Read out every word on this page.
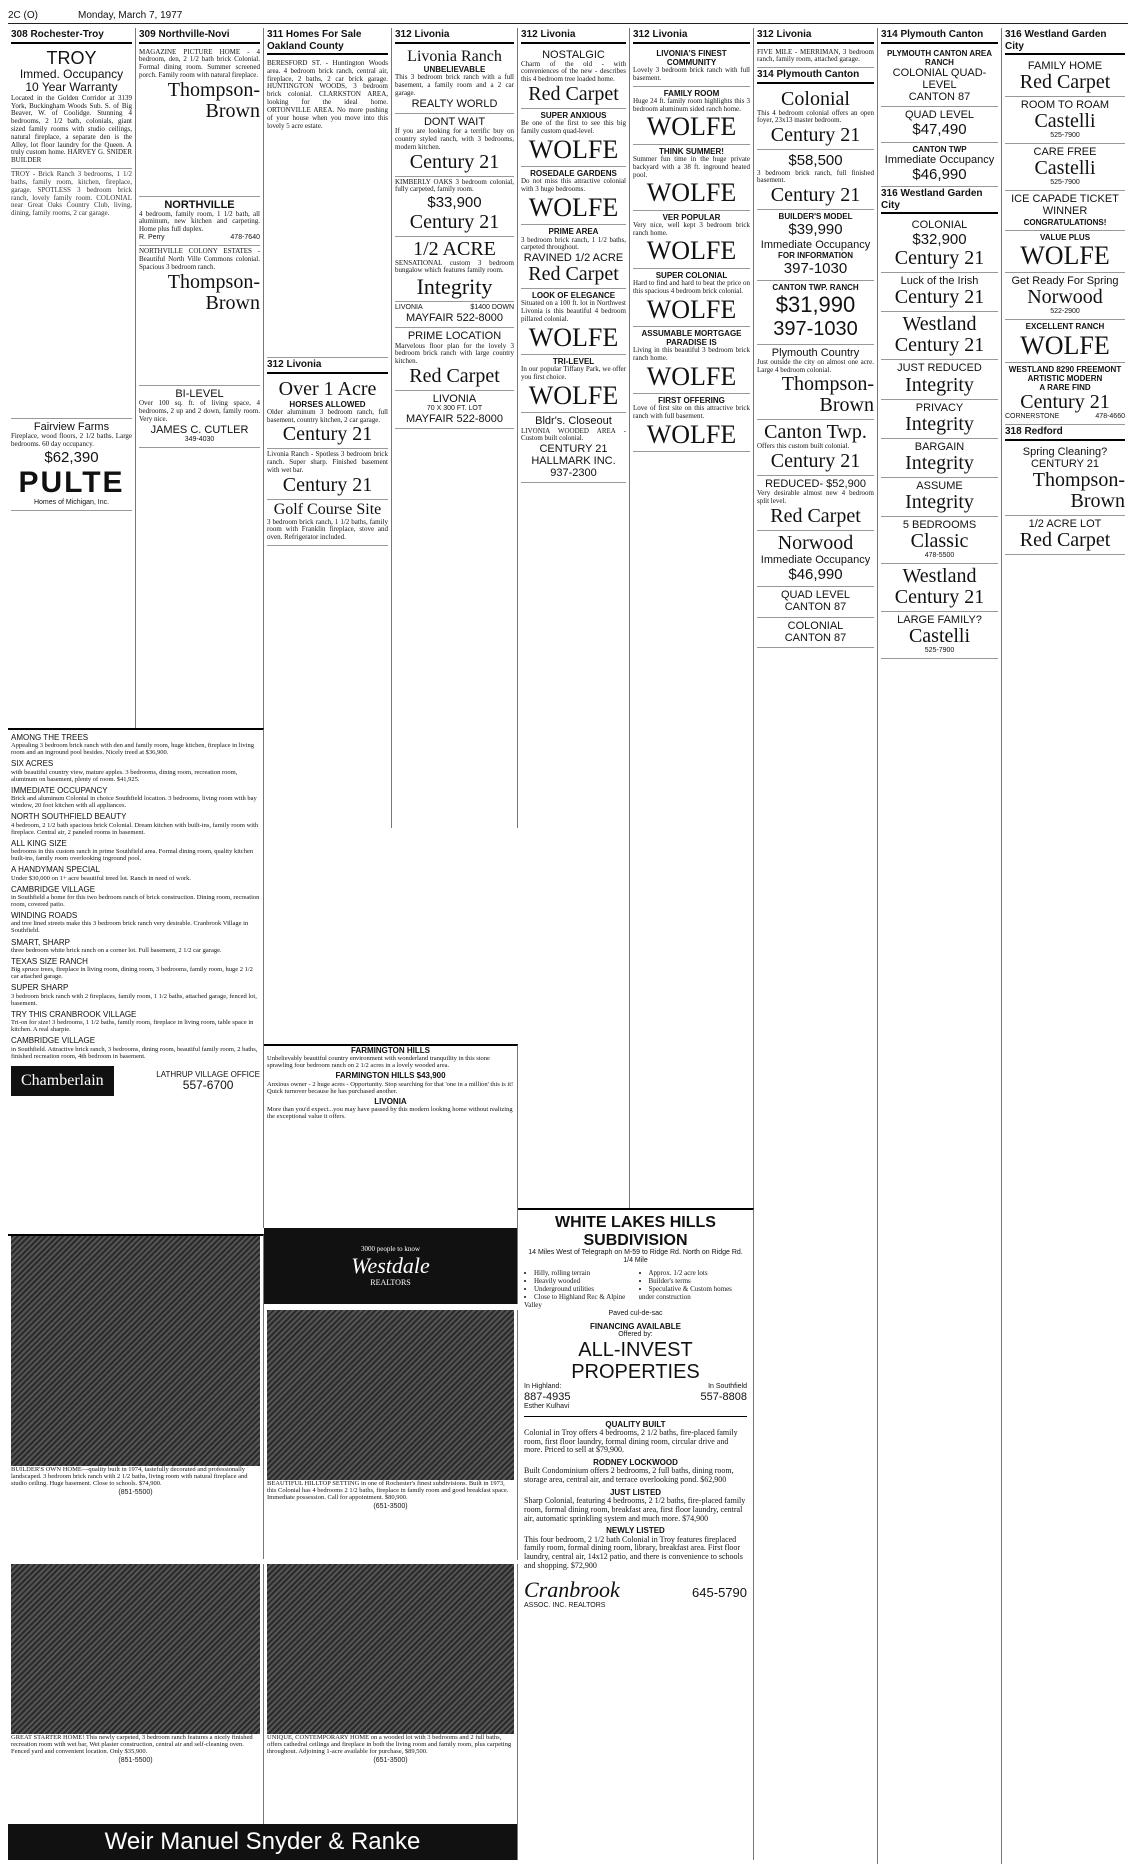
2C (O)	Monday, March 7, 1977
308 Rochester-Troy
TROY
Immed. Occupancy
10 Year Warranty

Located in the Golden Corridor at 3139 York, Buckingham Woods Sub. S. of Big Beaver, W. of Coolidge. Stunning 4 bedrooms, 2 1/2 bath, colonials, giant sized family rooms with studio ceilings, natural fireplace, a separate den is the Alley, lot floor laundry for the Queen. A truly custom home. HARVEY G. SNIDER BUILDER

TROY - Brick Ranch 3 bedrooms, 1 1/2 baths, family room, kitchen, fireplace, garage. SPOTLESS 3 bedroom brick ranch, lovely family room. COLONIAL near Great Oaks Country Club, living, dining, family rooms, 2 car garage.

Fairview Farms

Fireplace, wood floors, 2 1/2 baths. Large bedrooms. 60 day occupancy.

$62,390
PULTE
Homes of Michigan, Inc.
309 Northville-Novi

MAGAZINE PICTURE HOME - 4 bedroom, den, 2 1/2 bath brick Colonial. Formal dining room. Summer screened porch. Family room with natural fireplace.

Thompson-Brown
NORTHVILLE

4 bedroom, family room, 1 1/2 bath, all aluminum, new kitchen and carpeting. Home plus full duplex.

R. Perry	478-7640

NORTHVILLE COLONY ESTATES - Beautiful North Ville Commons colonial. Spacious 3 bedroom ranch.

Thompson-Brown
BI-LEVEL

Over 100 sq. ft. of living space, 4 bedrooms, 2 up and 2 down, family room. Very nice.

JAMES C. CUTLER
349-4030
311 Homes For Sale Oakland County

BERESFORD ST. - Huntington Woods area. 4 bedroom brick ranch, central air, fireplace, 2 baths, 2 car brick garage. HUNTINGTON WOODS, 3 bedroom brick colonial. CLARKSTON AREA, looking for the ideal home. ORTONVILLE AREA. No more pushing of your house when you move into this lovely 5 acre estate.

312 Livonia
Over 1 Acre
HORSES ALLOWED

Older aluminum 3 bedroom ranch, full basement, country kitchen, 2 car garage.

Century 21

Livonia Ranch - Spotless 3 bedroom brick ranch. Super sharp. Finished basement with wet bar.

Century 21
Golf Course Site

3 bedroom brick ranch, 1 1/2 baths, family room with Franklin fireplace, stove and oven. Refrigerator included.

312 Livonia
Livonia Ranch
UNBELIEVABLE

This 3 bedroom brick ranch with a full basement, a family room and a 2 car garage.

REALTY WORLD
DONT WAIT

If you are looking for a terrific buy on country styled ranch, with 3 bedrooms, modern kitchen.

Century 21

KIMBERLY OAKS 3 bedroom colonial, fully carpeted, family room.

$33,900
Century 21
1/2 ACRE

SENSATIONAL custom 3 bedroom bungalow which features family room.

Integrity
LIVONIA	$1400 DOWN
MAYFAIR 522-8000
PRIME LOCATION

Marvelous floor plan for the lovely 3 bedroom brick ranch with large country kitchen.

Red Carpet
LIVONIA
70 X 300 FT. LOT
MAYFAIR 522-8000
312 Livonia
NOSTALGIC

Charm of the old - with conveniences of the new - describes this 4 bedroom tree loaded home.

Red Carpet
SUPER ANXIOUS

Be one of the first to see this big family custom quad-level.

WOLFE
ROSEDALE GARDENS

Do not miss this attractive colonial with 3 huge bedrooms.

WOLFE
PRIME AREA

3 bedroom brick ranch, 1 1/2 baths, carpeted throughout.

RAVINED 1/2 ACRE
Red Carpet
LOOK OF ELEGANCE

Situated on a 100 ft. lot in Northwest Livonia is this beautiful 4 bedroom pillared colonial.

WOLFE
TRI-LEVEL

In our popular Tiffany Park, we offer you first choice.

WOLFE
Bldr's. Closeout

LIVONIA WOODED AREA - Custom built colonial.

CENTURY 21
HALLMARK INC.
937-2300
312 Livonia
LIVONIA'S FINEST COMMUNITY

Lovely 3 bedroom brick ranch with full basement.

FAMILY ROOM

Huge 24 ft. family room highlights this 3 bedroom aluminum sided ranch home.

WOLFE
THINK SUMMER!

Summer fun time in the huge private backyard with a 38 ft. inground heated pool.

WOLFE
VER POPULAR

Very nice, well kept 3 bedroom brick ranch home.

WOLFE
SUPER COLONIAL

Hard to find and hard to beat the price on this spacious 4 bedroom brick colonial.

WOLFE
ASSUMABLE MORTGAGE
PARADISE IS

Living in this beautiful 3 bedroom brick ranch home.

WOLFE
FIRST OFFERING

Love of first site on this attractive brick ranch with full basement.

WOLFE
312 Livonia

FIVE MILE - MERRIMAN, 3 bedroom ranch, family room, attached garage.

314 Plymouth Canton
Colonial

This 4 bedroom colonial offers an open foyer, 23x13 master bedroom.

Century 21
$58,500

3 bedroom brick ranch, full finished basement.

Century 21
BUILDER'S MODEL
$39,990
Immediate Occupancy
FOR INFORMATION
397-1030
CANTON TWP. RANCH
$31,990
397-1030
Plymouth Country

Just outside the city on almost one acre. Large 4 bedroom colonial.

Thompson-Brown
Canton Twp.

Offers this custom built colonial.

Century 21
REDUCED- $52,900

Very desirable almost new 4 bedroom split level.

Red Carpet
Norwood
Immediate Occupancy
$46,990
QUAD LEVEL
CANTON 87
COLONIAL
CANTON 87
314 Plymouth Canton
PLYMOUTH CANTON AREA RANCH
COLONIAL QUAD-LEVEL
CANTON 87
QUAD LEVEL
$47,490
CANTON TWP
Immediate Occupancy
$46,990
316 Westland Garden City
COLONIAL
$32,900
Century 21
Luck of the Irish
Century 21
Westland
Century 21
JUST REDUCED
Integrity
PRIVACY
Integrity
BARGAIN
Integrity
ASSUME
Integrity
5 BEDROOMS
Classic
478-5500
Westland
Century 21
LARGE FAMILY?
Castelli
525-7900
316 Westland Garden City
FAMILY HOME
Red Carpet
ROOM TO ROAM
Castelli
525-7900
CARE FREE
Castelli
525-7900
ICE CAPADE TICKET WINNER
CONGRATULATIONS!
VALUE PLUS
WOLFE
Get Ready For Spring
Norwood
522-2900
EXCELLENT RANCH
WOLFE
WESTLAND 8290 FREEMONT
ARTISTIC MODERN
A RARE FIND
Century 21
CORNERSTONE	478-4660
318 Redford
Spring Cleaning?
CENTURY 21
Thompson-Brown
1/2 ACRE LOT
Red Carpet
AMONG THE TREES

Appealing 3 bedroom brick ranch with den and family room, huge kitchen, fireplace in living room and an inground pool besides. Nicely treed at $36,900.

SIX ACRES

with beautiful country view, mature apples. 3 bedrooms, dining room, recreation room, aluminum on basement, plenty of room. $41,925.

IMMEDIATE OCCUPANCY

Brick and aluminum Colonial in choice Southfield location. 3 bedrooms, living room with bay window, 20 foot kitchen with all appliances.

NORTH SOUTHFIELD BEAUTY

4 bedroom, 2 1/2 bath spacious brick Colonial. Dream kitchen with built-ins, family room with fireplace. Central air, 2 paneled rooms in basement.

ALL KING SIZE

bedrooms in this custom ranch in prime Southfield area. Formal dining room, quality kitchen built-ins, family room overlooking inground pool.

A HANDYMAN SPECIAL

Under $30,000 on 1+ acre beautiful treed lot. Ranch in need of work.

CAMBRIDGE VILLAGE

in Southfield a home for this two bedroom ranch of brick construction. Dining room, recreation room, covered patio.

WINDING ROADS

and tree lined streets make this 3 bedroom brick ranch very desirable. Cranbrook Village in Southfield.

SMART, SHARP

three bedroom white brick ranch on a corner lot. Full basement, 2 1/2 car garage.

TEXAS SIZE RANCH

Big spruce trees, fireplace in living room, dining room, 3 bedrooms, family room, huge 2 1/2 car attached garage.

SUPER SHARP

3 bedroom brick ranch with 2 fireplaces, family room, 1 1/2 baths, attached garage, fenced lot, basement.

TRY THIS CRANBROOK VILLAGE

Tri-on for size! 3 bedrooms, 1 1/2 baths, family room, fireplace in living room, table space in kitchen. A real sharpie.

CAMBRIDGE VILLAGE

in Southfield. Attractive brick ranch, 3 bedrooms, dining room, beautiful family room, 2 baths, finished recreation room, 4th bedroom in basement.

Chamberlain	LATHRUP VILLAGE OFFICE
557-6700
FARMINGTON HILLS

Unbelievably beautiful country environment with wonderland tranquility in this stone sprawling four bedroom ranch on 2 1/2 acres in a lovely wooded area.

FARMINGTON HILLS $43,900

Anxious owner - 2 huge acres - Opportunity. Stop searching for that 'one in a million' this is it! Quick turnover because he has purchased another.

LIVONIA

More than you'd expect...you may have passed by this modern looking home without realizing the exceptional value it offers.

3000 people to know
Westdale
REALTORS

BUILDER'S OWN HOME—quality built in 1974, tastefully decorated and professionally landscaped. 3 bedroom brick ranch with 2 1/2 baths, living room with natural fireplace and studio ceiling. Huge basement. Close to schools. $74,900.

(851-5500)

BEAUTIFUL HILLTOP SETTING in one of Rochester's finest subdivisions. Built in 1973, this Colonial has 4 bedrooms 2 1/2 baths, fireplace in family room and good breakfast space. Immediate possession. Call for appointment. $80,900.

(651-3500)

GREAT STARTER HOME! This newly carpeted, 3 bedroom ranch features a nicely finished recreation room with wet bar, Wet plaster construction, central air and self-cleaning oven. Fenced yard and convenient location. Only $35,900.

(851-5500)

UNIQUE, CONTEMPORARY HOME on a wooded lot with 3 bedrooms and 2 full baths, offers cathedral ceilings and fireplace in both the living room and family room, plus carpeting throughout. Adjoining 1-acre available for purchase, $89,500.

(651-3500)
Weir Manuel Snyder & Ranke
WHITE LAKES HILLS SUBDIVISION
14 Miles West of Telegraph on M-59 to Ridge Rd. North on Ridge Rd. 1/4 Mile
• Hilly, rolling terrain
• Heavily wooded
• Underground utilities
• Close to Highland Rec & Alpine Valley
• Approx. 1/2 acre lots
• Builder's terms
• Speculative & Custom homes under construction
Paved cul-de-sac
FINANCING AVAILABLE
Offered by:
ALL-INVEST PROPERTIES
In Highland:
887-4935
Esther Kulhavi
In Southfield
557-8808
QUALITY BUILT

Colonial in Troy offers 4 bedrooms, 2 1/2 baths, fire-placed family room, first floor laundry, formal dining room, circular drive and more. Priced to sell at $79,900.

RODNEY LOCKWOOD

Built Condominium offers 2 bedrooms, 2 full baths, dining room, storage area, central air, and terrace overlooking pond. $62,900

JUST LISTED

Sharp Colonial, featuring 4 bedrooms, 2 1/2 baths, fire-placed family room, formal dining room, breakfast area, first floor laundry, central air, automatic sprinkling system and much more. $74,900

NEWLY LISTED

This four bedroom, 2 1/2 bath Colonial in Troy features fireplaced family room, formal dining room, library, breakfast area. First floor laundry, central air, 14x12 patio, and there is convenience to schools and shopping. $72,900

Cranbrook
ASSOC. INC. REALTORS
645-5790
